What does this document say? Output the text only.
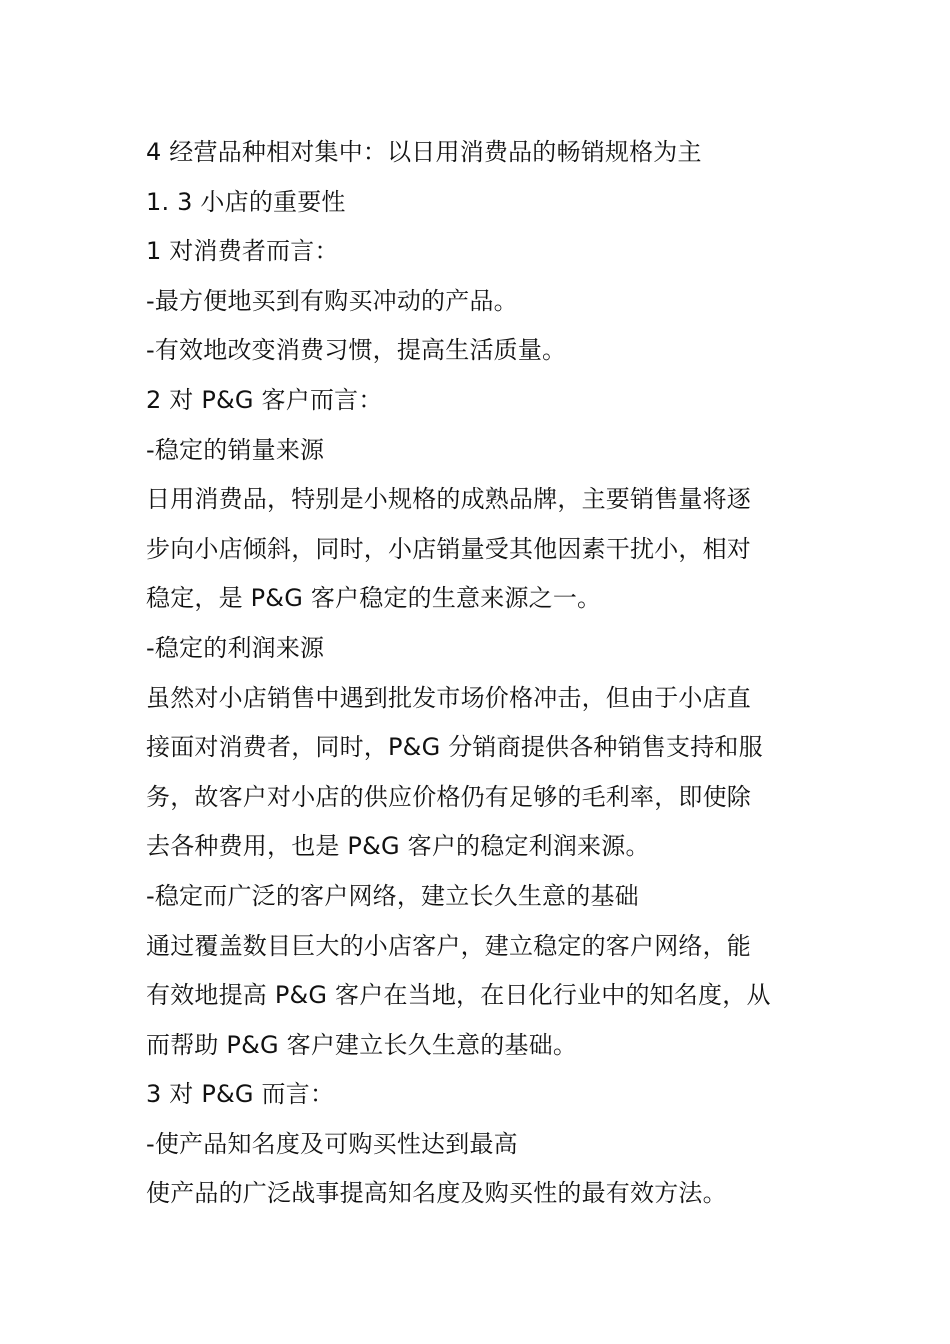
4 经营品种相对集中：以日用消费品的畅销规格为主
1. 3 小店的重要性
1 对消费者而言：
-最方便地买到有购买冲动的产品。
-有效地改变消费习惯，提高生活质量。
2 对 P&G 客户而言：
-稳定的销量来源
日用消费品，特别是小规格的成熟品牌，主要销售量将逐
步向小店倾斜，同时，小店销量受其他因素干扰小，相对
稳定，是 P&G 客户稳定的生意来源之一。
-稳定的利润来源
虽然对小店销售中遇到批发市场价格冲击，但由于小店直
接面对消费者，同时，P&G 分销商提供各种销售支持和服
务，故客户对小店的供应价格仍有足够的毛利率，即使除
去各种费用，也是 P&G 客户的稳定利润来源。
-稳定而广泛的客户网络，建立长久生意的基础
通过覆盖数目巨大的小店客户，建立稳定的客户网络，能
有效地提高 P&G 客户在当地，在日化行业中的知名度，从
而帮助 P&G 客户建立长久生意的基础。
3 对 P&G 而言：
-使产品知名度及可购买性达到最高
使产品的广泛战事提高知名度及购买性的最有效方法。
